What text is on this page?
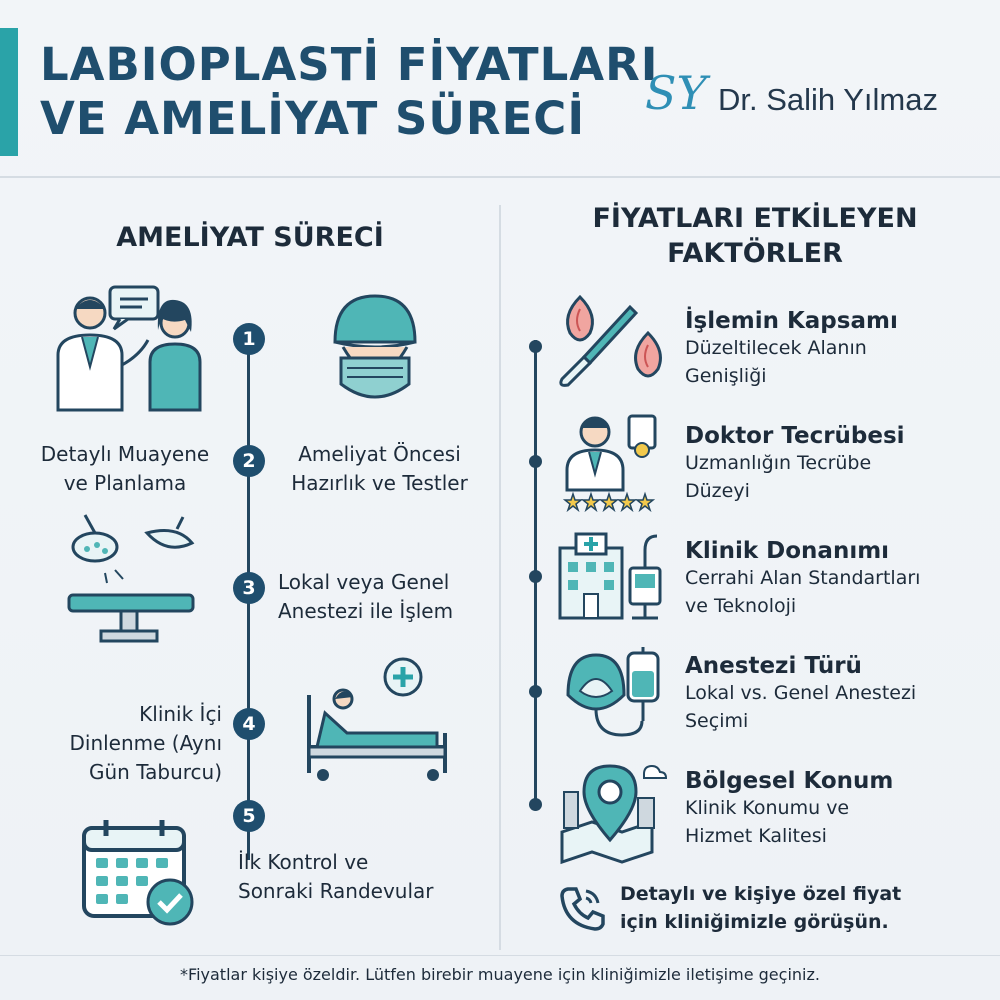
LABIOPLASTİ FİYATLARI
VE AMELİYAT SÜRECİ SY Dr. Salih Yılmaz
AMELİYAT SÜRECİ
1
2
3
4
5
Detaylı Muayene
ve Planlama
Ameliyat Öncesi
Hazırlık ve Testler
Lokal veya Genel
Anestezi ile İşlem
Klinik İçi
Dinlenme (Aynı
Gün Taburcu)
İlk Kontrol ve
Sonraki Randevular
FİYATLARI ETKİLEYEN
FAKTÖRLER
İşlemin Kapsamı
Düzeltilecek Alanın
Genişliği
Doktor Tecrübesi
Uzmanlığın Tecrübe
Düzeyi
Klinik Donanımı
Cerrahi Alan Standartları
ve Teknoloji
Anestezi Türü
Lokal vs. Genel Anestezi
Seçimi
Bölgesel Konum
Klinik Konumu ve
Hizmet Kalitesi
Detaylı ve kişiye özel fiyat
için kliniğimizle görüşün.
*Fiyatlar kişiye özeldir. Lütfen birebir muayene için kliniğimizle iletişime geçiniz.
